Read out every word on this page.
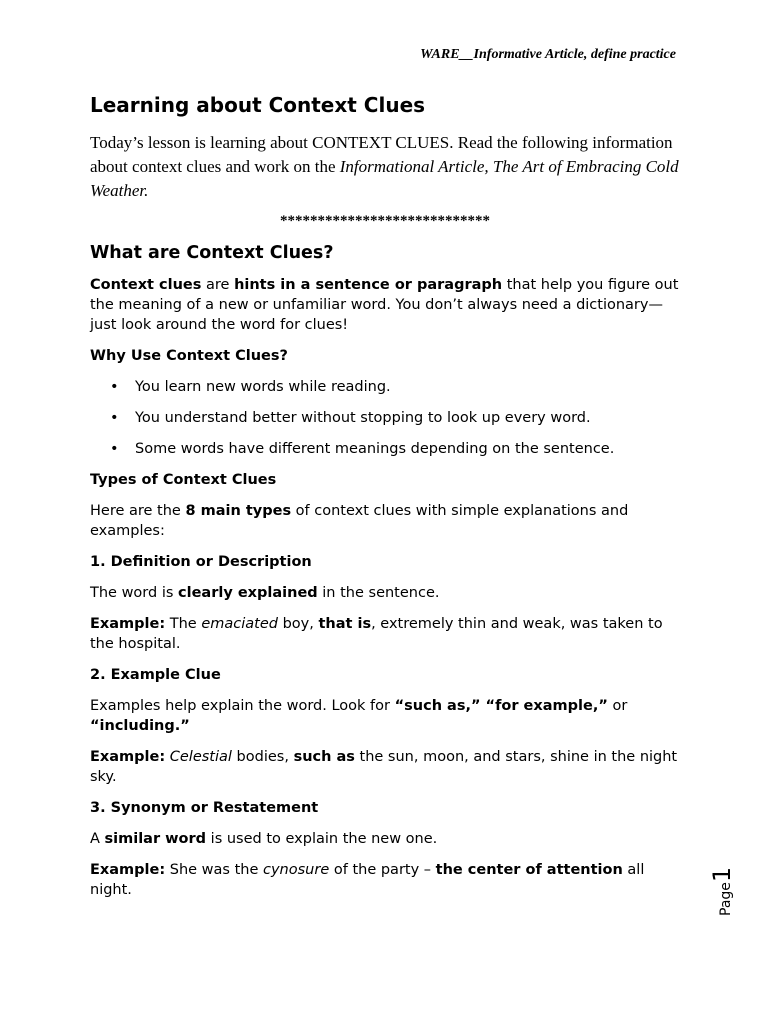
WARE__Informative Article, define practice
Learning about Context Clues

Today’s lesson is learning about CONTEXT CLUES. Read the following information about context clues and work on the Informational Article, The Art of Embracing Cold Weather.

****************************
What are Context Clues?

Context clues are hints in a sentence or paragraph that help you figure out the meaning of a new or unfamiliar word. You don’t always need a dictionary—just look around the word for clues!

Why Use Context Clues?
• You learn new words while reading.
• You understand better without stopping to look up every word.
• Some words have different meanings depending on the sentence.
Types of Context Clues

Here are the 8 main types of context clues with simple explanations and examples:

1. Definition or Description

The word is clearly explained in the sentence.

Example: The emaciated boy, that is, extremely thin and weak, was taken to the hospital.

2. Example Clue

Examples help explain the word. Look for “such as,” “for example,” or “including.”

Example: Celestial bodies, such as the sun, moon, and stars, shine in the night sky.

3. Synonym or Restatement

A similar word is used to explain the new one.

Example: She was the cynosure of the party – the center of attention all night.	Page1
